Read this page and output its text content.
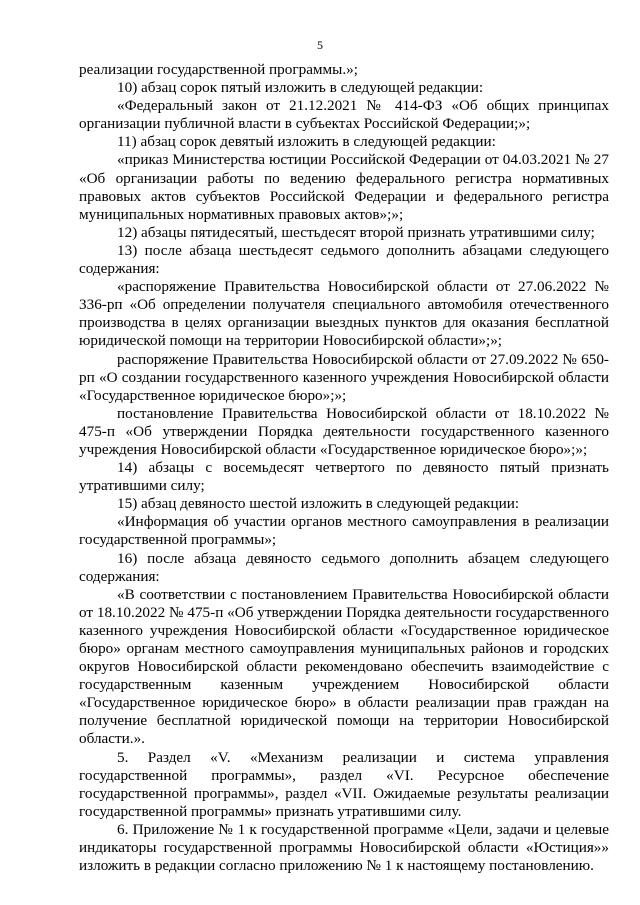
5

реализации государственной программы.»;

10) абзац сорок пятый изложить в следующей редакции:

«Федеральный закон от 21.12.2021 № 414-ФЗ «Об общих принципах организации публичной власти в субъектах Российской Федерации;»;

11) абзац сорок девятый изложить в следующей редакции:

«приказ Министерства юстиции Российской Федерации от 04.03.2021 № 27 «Об организации работы по ведению федерального регистра нормативных правовых актов субъектов Российской Федерации и федерального регистра муниципальных нормативных правовых актов»;»;

12) абзацы пятидесятый, шестьдесят второй признать утратившими силу;

13) после абзаца шестьдесят седьмого дополнить абзацами следующего содержания:

«распоряжение Правительства Новосибирской области от 27.06.2022 № 336-рп «Об определении получателя специального автомобиля отечественного производства в целях организации выездных пунктов для оказания бесплатной юридической помощи на территории Новосибирской области»;»;

распоряжение Правительства Новосибирской области от 27.09.2022 № 650-рп «О создании государственного казенного учреждения Новосибирской области «Государственное юридическое бюро»;»;

постановление Правительства Новосибирской области от 18.10.2022 № 475-п «Об утверждении Порядка деятельности государственного казенного учреждения Новосибирской области «Государственное юридическое бюро»;»;

14) абзацы с восемьдесят четвертого по девяносто пятый признать утратившими силу;

15) абзац девяносто шестой изложить в следующей редакции:

«Информация об участии органов местного самоуправления в реализации государственной программы»;

16) после абзаца девяносто седьмого дополнить абзацем следующего содержания:

«В соответствии с постановлением Правительства Новосибирской области от 18.10.2022 № 475-п «Об утверждении Порядка деятельности государственного казенного учреждения Новосибирской области «Государственное юридическое бюро» органам местного самоуправления муниципальных районов и городских округов Новосибирской области рекомендовано обеспечить взаимодействие с государственным казенным учреждением Новосибирской области «Государственное юридическое бюро» в области реализации прав граждан на получение бесплатной юридической помощи на территории Новосибирской области.».

5. Раздел «V. «Механизм реализации и система управления государственной программы», раздел «VI. Ресурсное обеспечение государственной программы», раздел «VII. Ожидаемые результаты реализации государственной программы» признать утратившими силу.

6. Приложение № 1 к государственной программе «Цели, задачи и целевые индикаторы государственной программы Новосибирской области «Юстиция»» изложить в редакции согласно приложению № 1 к настоящему постановлению.
